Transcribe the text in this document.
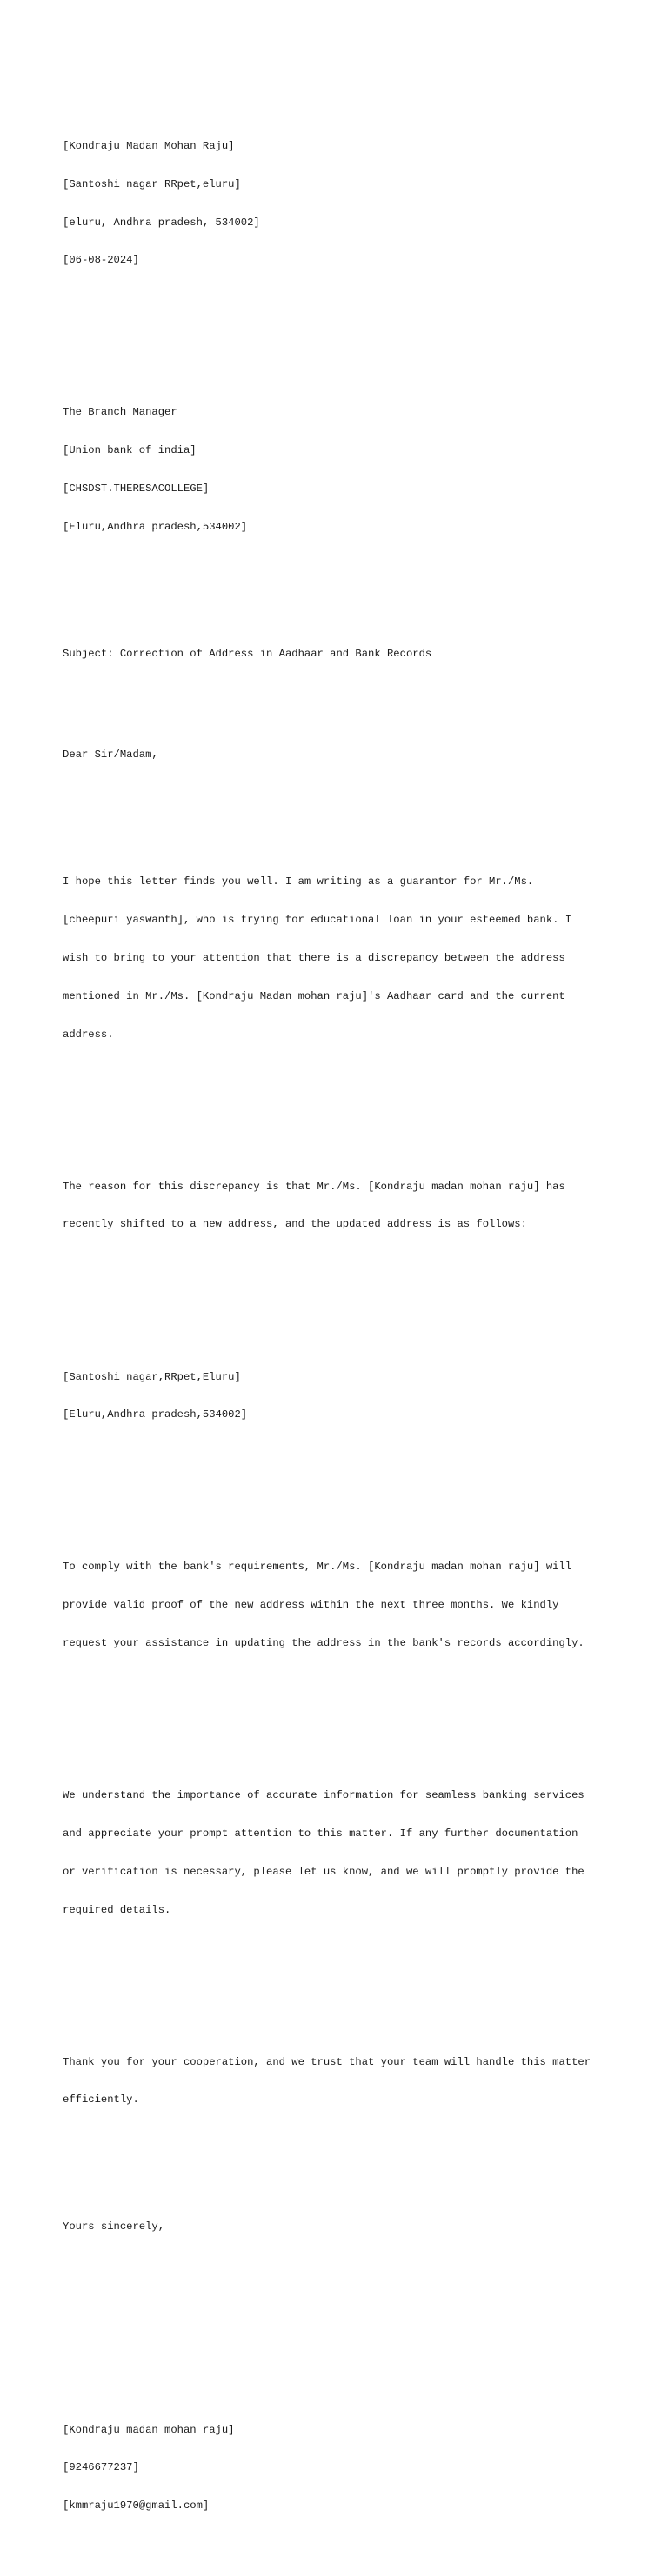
[Kondraju Madan Mohan Raju]

[Santoshi nagar RRpet,eluru]

[eluru, Andhra pradesh, 534002]

[06-08-2024]

The Branch Manager

[Union bank of india]

[CHSDST.THERESACOLLEGE]

[Eluru,Andhra pradesh,534002]

Subject: Correction of Address in Aadhaar and Bank Records

Dear Sir/Madam,

I hope this letter finds you well. I am writing as a guarantor for Mr./Ms.

[cheepuri yaswanth], who is trying for educational loan in your esteemed bank. I

wish to bring to your attention that there is a discrepancy between the address

mentioned in Mr./Ms. [Kondraju Madan mohan raju]'s Aadhaar card and the current

address.

The reason for this discrepancy is that Mr./Ms. [Kondraju madan mohan raju] has

recently shifted to a new address, and the updated address is as follows:

[Santoshi nagar,RRpet,Eluru]

[Eluru,Andhra pradesh,534002]

To comply with the bank's requirements, Mr./Ms. [Kondraju madan mohan raju] will

provide valid proof of the new address within the next three months. We kindly

request your assistance in updating the address in the bank's records accordingly.

We understand the importance of accurate information for seamless banking services

and appreciate your prompt attention to this matter. If any further documentation

or verification is necessary, please let us know, and we will promptly provide the

required details.

Thank you for your cooperation, and we trust that your team will handle this matter

efficiently.

Yours sincerely,

[Kondraju madan mohan raju]

[9246677237]

[kmmraju1970@gmail.com]
